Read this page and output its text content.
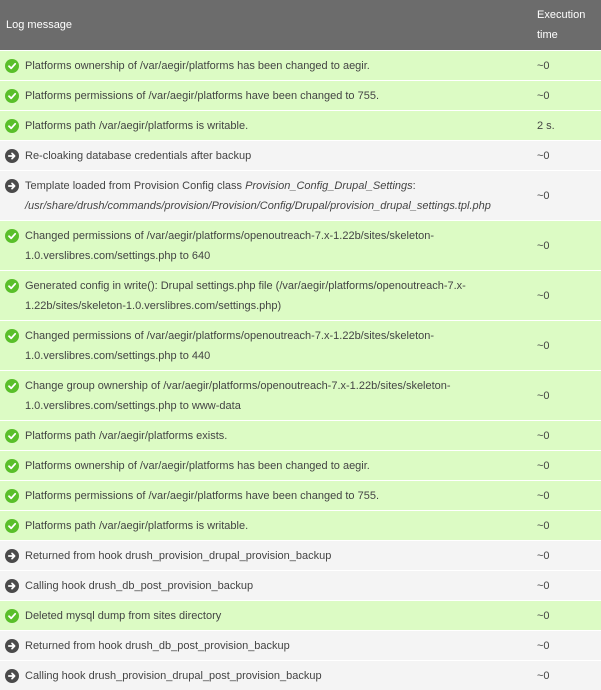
Log message	Execution
time

Platforms ownership of /var/aegir/platforms has been changed to aegir.	~0

Platforms permissions of /var/aegir/platforms have been changed to 755.	~0

Platforms path /var/aegir/platforms is writable.	2 s.

Re-cloaking database credentials after backup	~0

Template loaded from Provision Config class Provision_Config_Drupal_Settings: /usr/share/drush/commands/provision/Provision/Config/Drupal/provision_drupal_settings.tpl.php	~0

Changed permissions of /var/aegir/platforms/openoutreach-7.x-1.22b/sites/skeleton-1.0.verslibres.com/settings.php to 640	~0

Generated config in write(): Drupal settings.php file (/var/aegir/platforms/openoutreach-7.x-1.22b/sites/skeleton-1.0.verslibres.com/settings.php)	~0

Changed permissions of /var/aegir/platforms/openoutreach-7.x-1.22b/sites/skeleton-1.0.verslibres.com/settings.php to 440	~0

Change group ownership of /var/aegir/platforms/openoutreach-7.x-1.22b/sites/skeleton-1.0.verslibres.com/settings.php to www-data	~0

Platforms path /var/aegir/platforms exists.	~0

Platforms ownership of /var/aegir/platforms has been changed to aegir.	~0

Platforms permissions of /var/aegir/platforms have been changed to 755.	~0

Platforms path /var/aegir/platforms is writable.	~0

Returned from hook drush_provision_drupal_provision_backup	~0

Calling hook drush_db_post_provision_backup	~0

Deleted mysql dump from sites directory	~0

Returned from hook drush_db_post_provision_backup	~0

Calling hook drush_provision_drupal_post_provision_backup	~0
